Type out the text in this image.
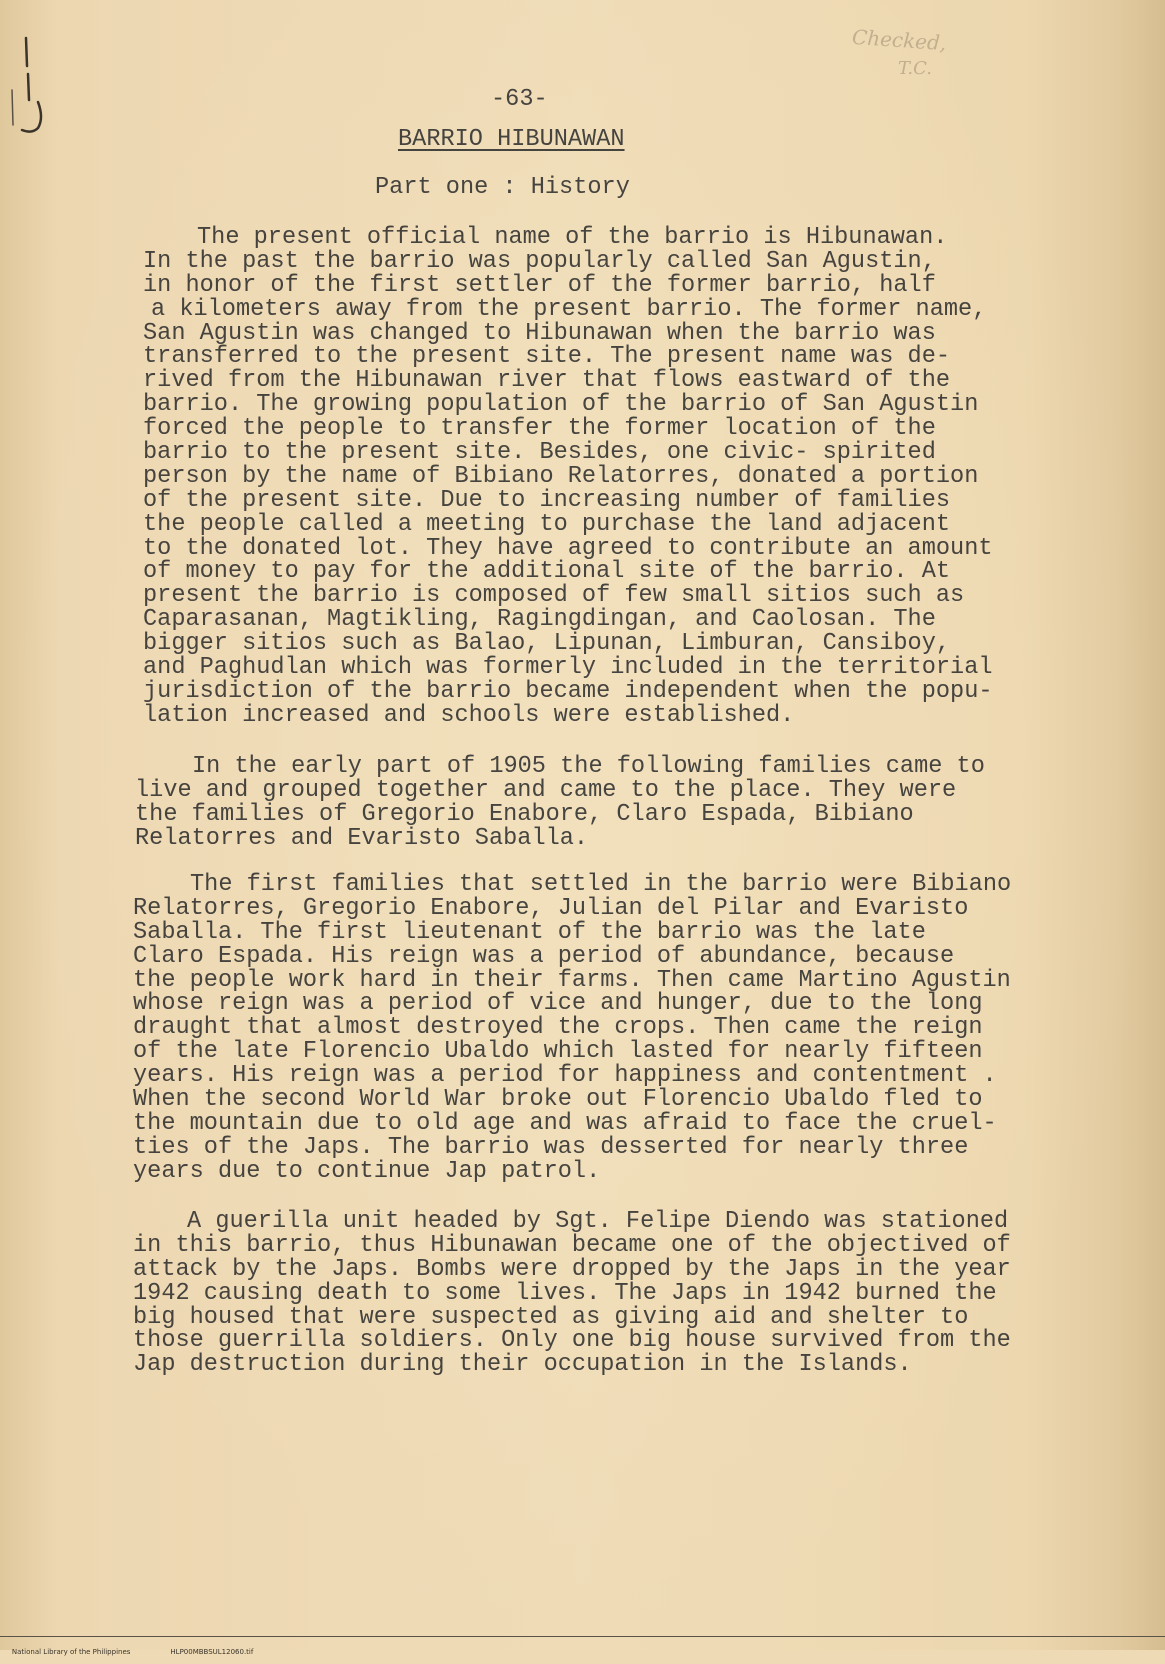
Checked,
T.C.
-63-
BARRIO HIBUNAWAN
Part one : History
The present official name of the barrio is Hibunawan.
In the past the barrio was popularly called San Agustin,
in honor of the first settler of the former barrio, half
a kilometers away from the present barrio. The former name,
San Agustin was changed to Hibunawan when the barrio was
transferred to the present site. The present name was de-
rived from the Hibunawan river that flows eastward of the
barrio. The growing population of the barrio of San Agustin
forced the people to transfer the former location of the
barrio to the present site. Besides, one civic- spirited
person by the name of Bibiano Relatorres, donated a portion
of the present site. Due to increasing number of families
the people called a meeting to purchase the land adjacent
to the donated lot. They have agreed to contribute an amount
of money to pay for the additional site of the barrio. At
present the barrio is composed of few small sitios such as
Caparasanan, Magtikling, Ragingdingan, and Caolosan. The
bigger sitios such as Balao, Lipunan, Limburan, Cansiboy,
and Paghudlan which was formerly included in the territorial
jurisdiction of the barrio became independent when the popu-
lation increased and schools were established.
In the early part of 1905 the following families came to
live and grouped together and came to the place. They were
the families of Gregorio Enabore, Claro Espada, Bibiano
Relatorres and Evaristo Saballa.
The first families that settled in the barrio were Bibiano
Relatorres, Gregorio Enabore, Julian del Pilar and Evaristo
Saballa. The first lieutenant of the barrio was the late
Claro Espada. His reign was a period of abundance, because
the people work hard in their farms. Then came Martino Agustin
whose reign was a period of vice and hunger, due to the long
draught that almost destroyed the crops. Then came the reign
of the late Florencio Ubaldo which lasted for nearly fifteen
years. His reign was a period for happiness and contentment .
When the second World War broke out Florencio Ubaldo fled to
the mountain due to old age and was afraid to face the cruel-
ties of the Japs. The barrio was desserted for nearly three
years due to continue Jap patrol.
A guerilla unit headed by Sgt. Felipe Diendo was stationed
in this barrio, thus Hibunawan became one of the objectived of
attack by the Japs. Bombs were dropped by the Japs in the year
1942 causing death to some lives. The Japs in 1942 burned the
big housed that were suspected as giving aid and shelter to
those guerrilla soldiers. Only one big house survived from the
Jap destruction during their occupation in the Islands.

National Library of the Philippines	HLP00MBBSUL12060.tif
